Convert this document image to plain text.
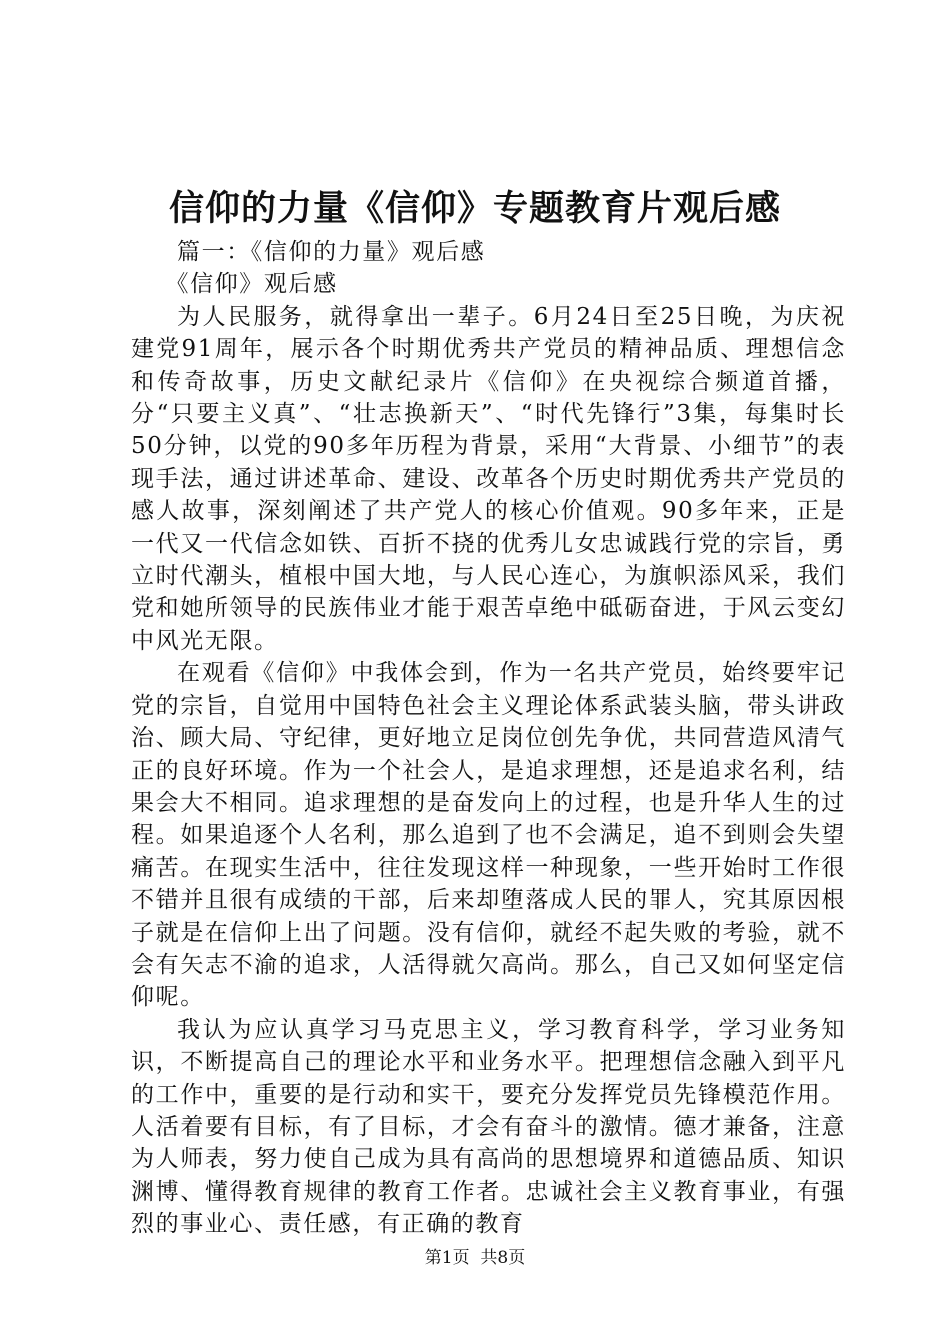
信仰的力量《信仰》专题教育片观后感

篇一：《信仰的力量》观后感

《信仰》观后感

为人民服务，就得拿出一辈子。6月24日至25日晚，为庆祝建党91周年，展示各个时期优秀共产党员的精神品质、理想信念和传奇故事，历史文献纪录片《信仰》在央视综合频道首播，分“只要主义真”、“壮志换新天”、“时代先锋行”3集，每集时长50分钟，以党的90多年历程为背景，采用“大背景、小细节”的表现手法，通过讲述革命、建设、改革各个历史时期优秀共产党员的感人故事，深刻阐述了共产党人的核心价值观。90多年来，正是一代又一代信念如铁、百折不挠的优秀儿女忠诚践行党的宗旨，勇立时代潮头，植根中国大地，与人民心连心，为旗帜添风采，我们党和她所领导的民族伟业才能于艰苦卓绝中砥砺奋进，于风云变幻中风光无限。

在观看《信仰》中我体会到，作为一名共产党员，始终要牢记党的宗旨，自觉用中国特色社会主义理论体系武装头脑，带头讲政治、顾大局、守纪律，更好地立足岗位创先争优，共同营造风清气正的良好环境。作为一个社会人，是追求理想，还是追求名利，结果会大不相同。追求理想的是奋发向上的过程，也是升华人生的过程。如果追逐个人名利，那么追到了也不会满足，追不到则会失望痛苦。在现实生活中，往往发现这样一种现象，一些开始时工作很不错并且很有成绩的干部，后来却堕落成人民的罪人，究其原因根子就是在信仰上出了问题。没有信仰，就经不起失败的考验，就不会有矢志不渝的追求，人活得就欠高尚。那么，自己又如何坚定信仰呢。

我认为应认真学习马克思主义，学习教育科学，学习业务知识，不断提高自己的理论水平和业务水平。把理想信念融入到平凡的工作中，重要的是行动和实干，要充分发挥党员先锋模范作用。人活着要有目标，有了目标，才会有奋斗的激情。德才兼备，注意为人师表，努力使自己成为具有高尚的思想境界和道德品质、知识渊博、懂得教育规律的教育工作者。忠诚社会主义教育事业，有强烈的事业心、责任感，有正确的教育

第1页  共8页
